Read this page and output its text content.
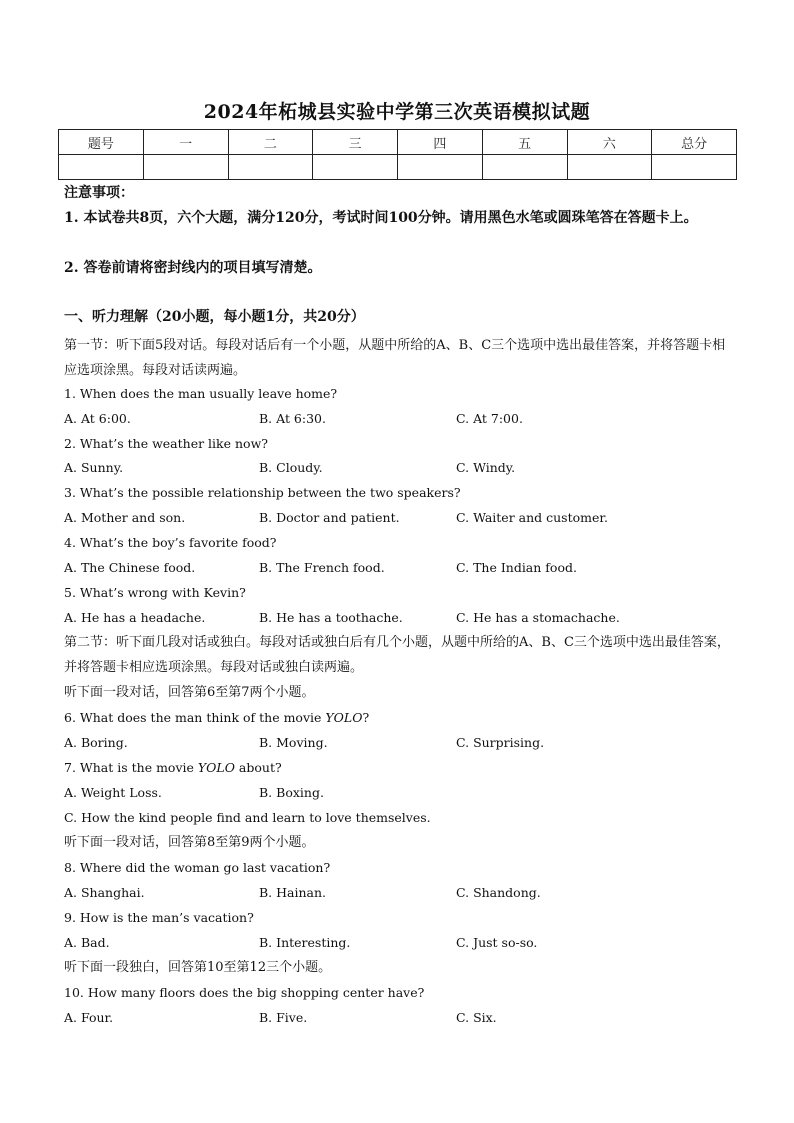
2024年柘城县实验中学第三次英语模拟试题
题号	一	二	三	四	五	六	总分

注意事项：
1. 本试卷共8页，六个大题，满分120分，考试时间100分钟。请用黑色水笔或圆珠笔答在答题卡上。
2. 答卷前请将密封线内的项目填写清楚。
一、听力理解（20小题，每小题1分，共20分）
第一节：听下面5段对话。每段对话后有一个小题，从题中所给的A、B、C三个选项中选出最佳答案，并将答题卡相应选项涂黑。每段对话读两遍。
1. When does the man usually leave home?
A. At 6:00.	B. At 6:30.	C. At 7:00.
2. What’s the weather like now?
A. Sunny.	B. Cloudy.	C. Windy.
3. What’s the possible relationship between the two speakers?
A. Mother and son.	B. Doctor and patient.	C. Waiter and customer.
4. What’s the boy’s favorite food?
A. The Chinese food.	B. The French food.	C. The Indian food.
5. What’s wrong with Kevin?
A. He has a headache.	B. He has a toothache.	C. He has a stomachache.
第二节：听下面几段对话或独白。每段对话或独白后有几个小题，从题中所给的A、B、C三个选项中选出最佳答案，并将答题卡相应选项涂黑。每段对话或独白读两遍。
听下面一段对话，回答第6至第7两个小题。
6. What does the man think of the movie YOLO?
A. Boring.	B. Moving.	C. Surprising.
7. What is the movie YOLO about?
A. Weight Loss.	B. Boxing.
C. How the kind people find and learn to love themselves.
听下面一段对话，回答第8至第9两个小题。
8. Where did the woman go last vacation?
A. Shanghai.	B. Hainan.	C. Shandong.
9. How is the man’s vacation?
A. Bad.	B. Interesting.	C. Just so-so.
听下面一段独白，回答第10至第12三个小题。
10. How many floors does the big shopping center have?
A. Four.	B. Five.	C. Six.
